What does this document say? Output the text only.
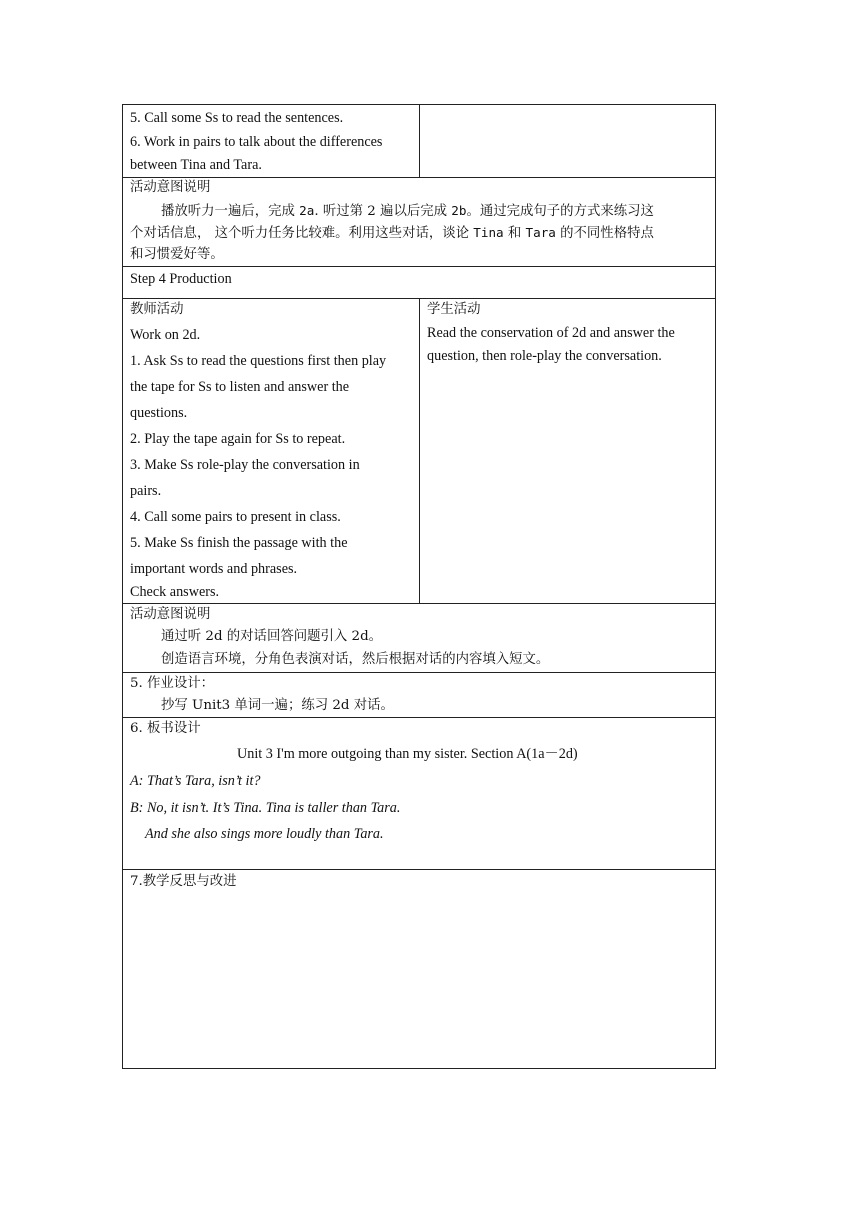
5. Call some Ss to read the sentences.
6. Work in pairs to talk about the differences
between Tina and Tara.
活动意图说明
播放听力一遍后，完成 2a. 听过第 2 遍以后完成 2b。通过完成句子的方式来练习这
个对话信息， 这个听力任务比较难。利用这些对话，谈论 Tina 和 Tara 的不同性格特点
和习惯爱好等。
Step 4 Production
教师活动
Work on 2d.
1. Ask Ss to read the questions first then play
the tape for Ss to listen and answer the
questions.
2. Play the tape again for Ss to repeat.
3. Make Ss role-play the conversation in
pairs.
4. Call some pairs to present in class.
5. Make Ss finish the passage with the
important words and phrases.
Check answers.
学生活动
Read the conservation of 2d and answer the
question, then role-play the conversation.
活动意图说明
通过听 2d 的对话回答问题引入 2d。
创造语言环境，分角色表演对话，然后根据对话的内容填入短文。
5. 作业设计：
抄写 Unit3 单词一遍；练习 2d 对话。
6. 板书设计
Unit 3 I'm more outgoing than my sister. Section A(1a－2d)
A: That’s Tara, isn’t it?
B: No, it isn’t. It’s Tina. Tina is taller than Tara.
And she also sings more loudly than Tara.
7.教学反思与改进
